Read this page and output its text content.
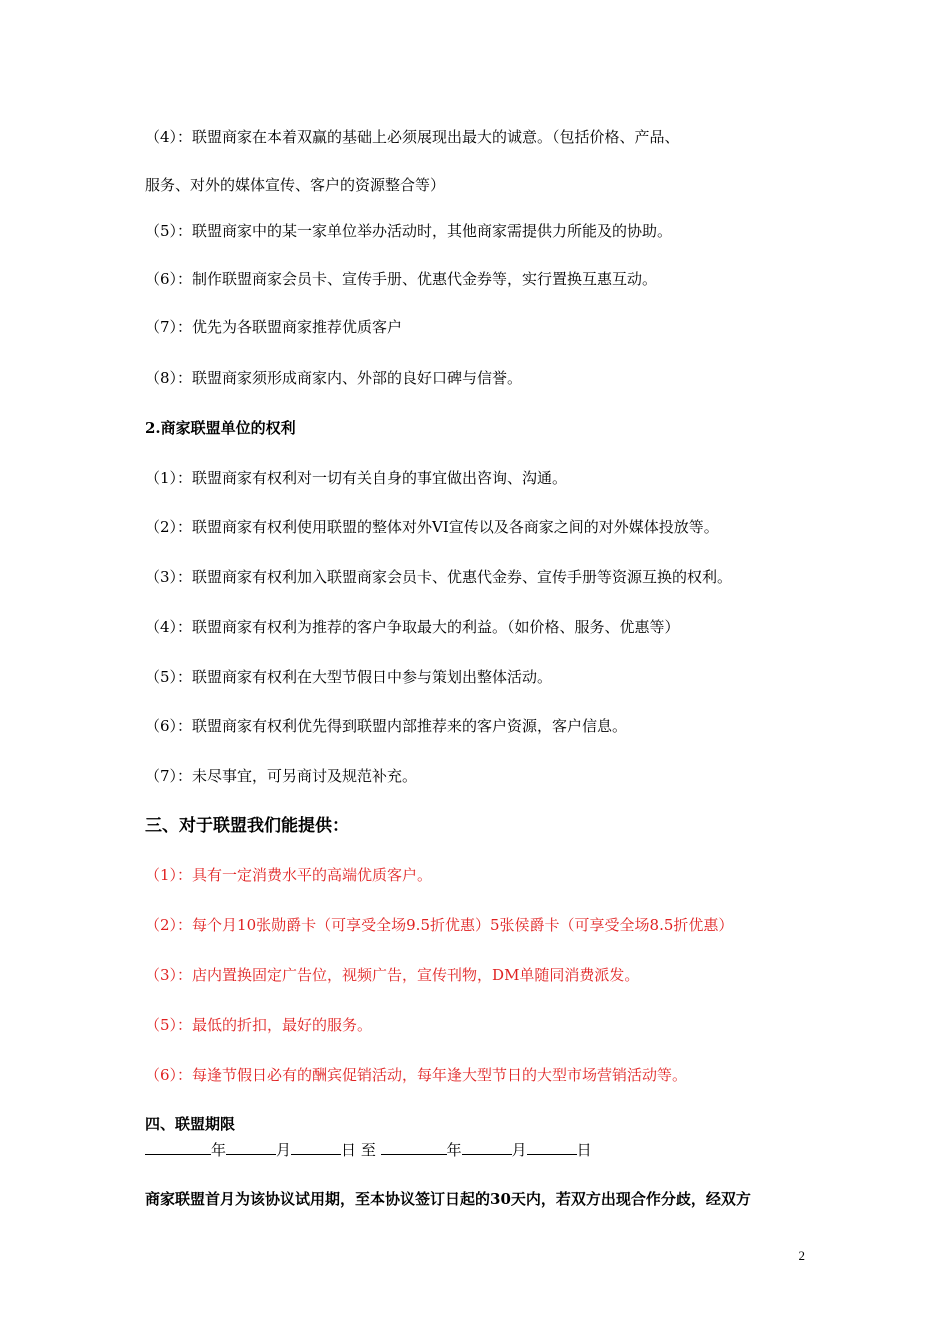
（4）：联盟商家在本着双赢的基础上必须展现出最大的诚意。（包括价格、产品、
服务、对外的媒体宣传、客户的资源整合等）
（5）：联盟商家中的某一家单位举办活动时，其他商家需提供力所能及的协助。
（6）：制作联盟商家会员卡、宣传手册、优惠代金券等，实行置换互惠互动。
（7）：优先为各联盟商家推荐优质客户
（8）：联盟商家须形成商家内、外部的良好口碑与信誉。
2.商家联盟单位的权利
（1）：联盟商家有权利对一切有关自身的事宜做出咨询、沟通。
（2）：联盟商家有权利使用联盟的整体对外VI宣传以及各商家之间的对外媒体投放等。
（3）：联盟商家有权利加入联盟商家会员卡、优惠代金券、宣传手册等资源互换的权利。
（4）：联盟商家有权利为推荐的客户争取最大的利益。（如价格、服务、优惠等）
（5）：联盟商家有权利在大型节假日中参与策划出整体活动。
（6）：联盟商家有权利优先得到联盟内部推荐来的客户资源，客户信息。
（7）：未尽事宜，可另商讨及规范补充。
三、对于联盟我们能提供：
（1）：具有一定消费水平的高端优质客户。
（2）：每个月10张勋爵卡（可享受全场9.5折优惠）5张侯爵卡（可享受全场8.5折优惠）
（3）：店内置换固定广告位，视频广告，宣传刊物，DM单随同消费派发。
（5）：最低的折扣，最好的服务。
（6）：每逢节假日必有的酬宾促销活动，每年逢大型节日的大型市场营销活动等。
四、联盟期限
年	月	日 至	年	月	日
商家联盟首月为该协议试用期，至本协议签订日起的30天内，若双方出现合作分歧，经双方
2
